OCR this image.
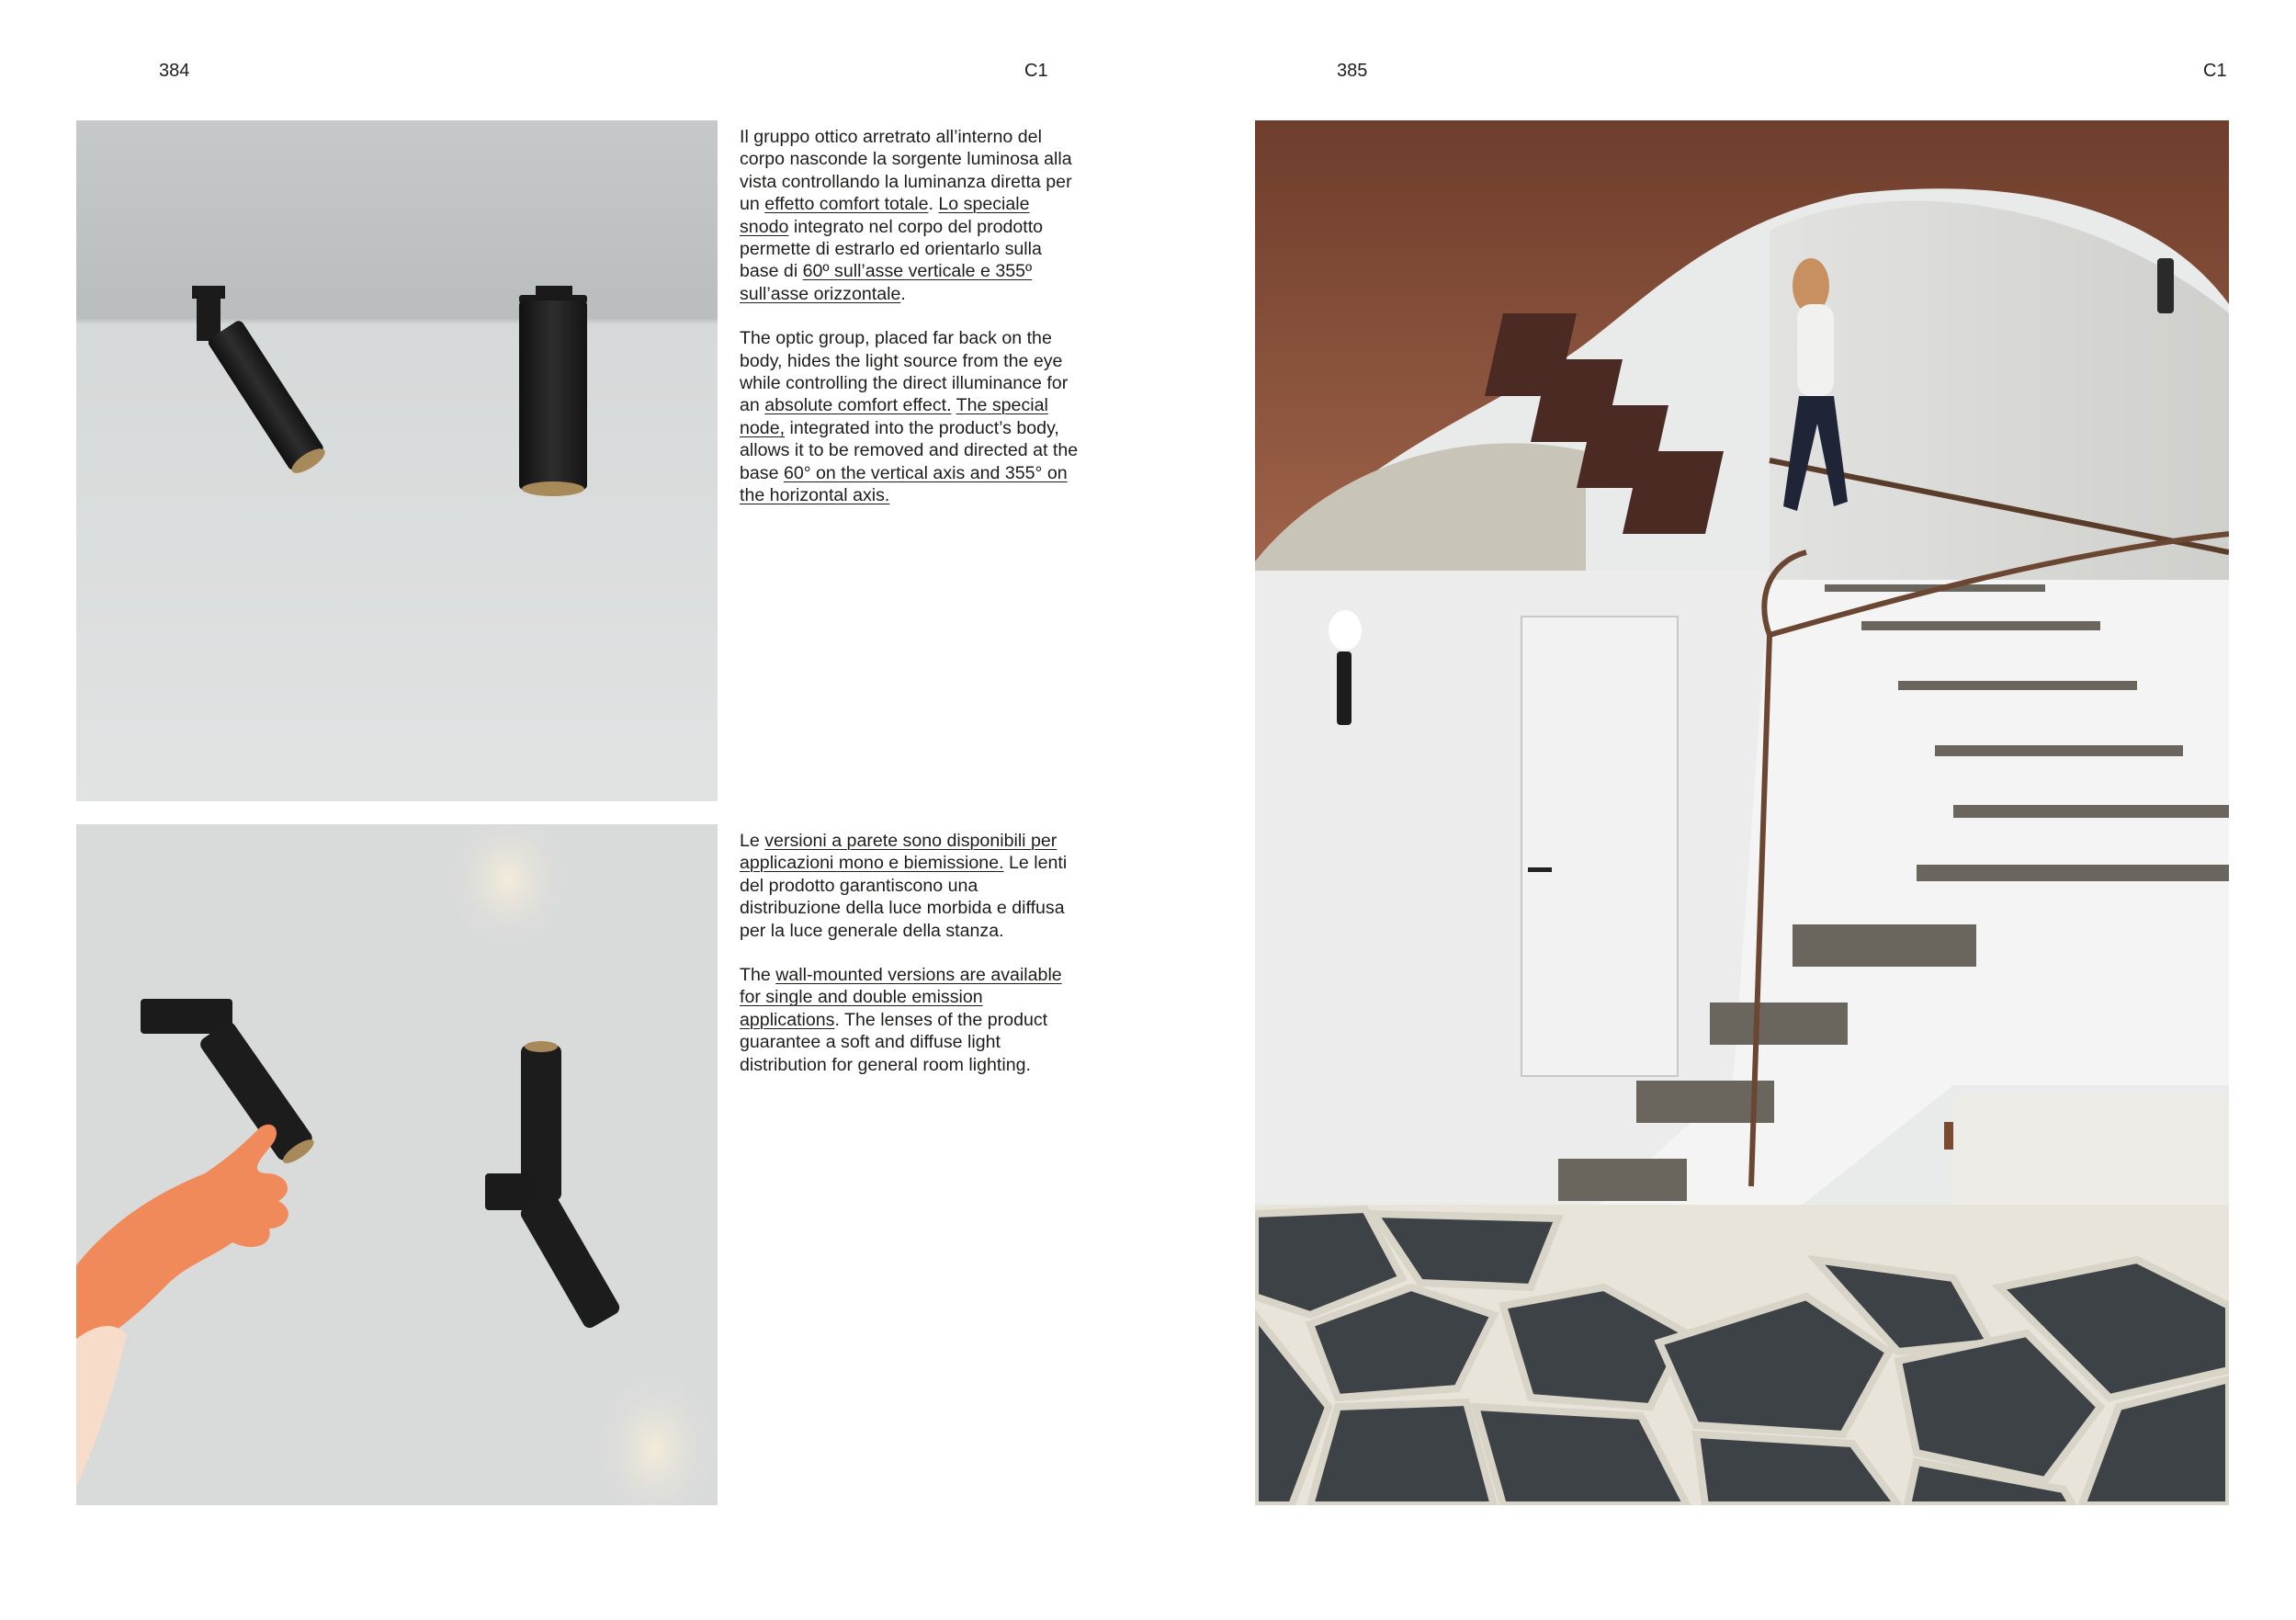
384	C1	385	C1

Il gruppo ottico arretrato all’interno del corpo nasconde la sorgente luminosa alla vista controllando la luminanza diretta per un effetto comfort totale. Lo speciale snodo integrato nel corpo del prodotto permette di estrarlo ed orientarlo sulla base di 60º sull’asse verticale e 355º sull’asse orizzontale.

The optic group, placed far back on the body, hides the light source from the eye while controlling the direct illuminance for an absolute comfort effect. The special node, integrated into the product’s body, allows it to be removed and directed at the base 60° on the vertical axis and 355° on the horizontal axis.

Le versioni a parete sono disponibili per applicazioni mono e biemissione. Le lenti del prodotto garantiscono una distribuzione della luce morbida e diffusa per la luce generale della stanza.

The wall-mounted versions are available for single and double emission applications. The lenses of the product guarantee a soft and diffuse light distribution for general room lighting.
